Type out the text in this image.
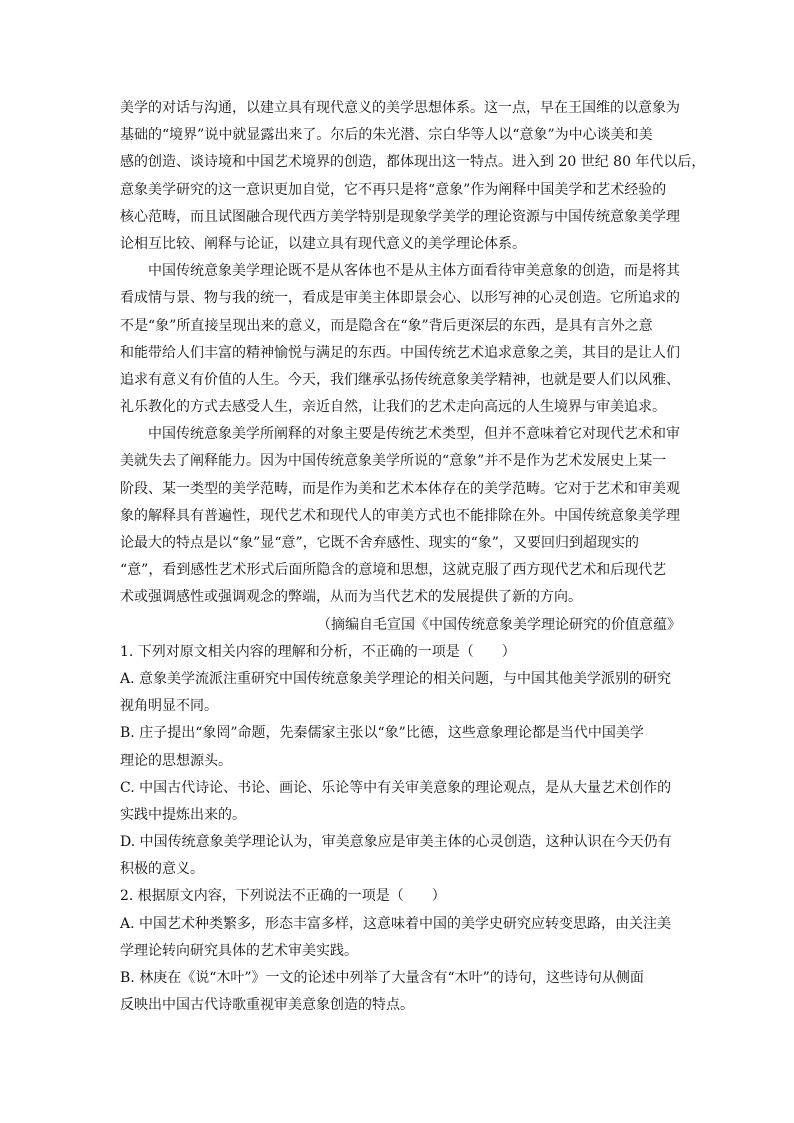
美学的对话与沟通，以建立具有现代意义的美学思想体系。这一点，早在王国维的以意象为
基础的“境界”说中就显露出来了。尔后的朱光潜、宗白华等人以“意象”为中心谈美和美
感的创造、谈诗境和中国艺术境界的创造，都体现出这一特点。进入到 20 世纪 80 年代以后，
意象美学研究的这一意识更加自觉，它不再只是将“意象”作为阐释中国美学和艺术经验的
核心范畴，而且试图融合现代西方美学特别是现象学美学的理论资源与中国传统意象美学理
论相互比较、阐释与论证，以建立具有现代意义的美学理论体系。
中国传统意象美学理论既不是从客体也不是从主体方面看待审美意象的创造，而是将其
看成情与景、物与我的统一，看成是审美主体即景会心、以形写神的心灵创造。它所追求的
不是“象”所直接呈现出来的意义，而是隐含在“象”背后更深层的东西，是具有言外之意
和能带给人们丰富的精神愉悦与满足的东西。中国传统艺术追求意象之美，其目的是让人们
追求有意义有价值的人生。今天，我们继承弘扬传统意象美学精神，也就是要人们以风雅、
礼乐教化的方式去感受人生，亲近自然，让我们的艺术走向高远的人生境界与审美追求。
中国传统意象美学所阐释的对象主要是传统艺术类型，但并不意味着它对现代艺术和审
美就失去了阐释能力。因为中国传统意象美学所说的“意象”并不是作为艺术发展史上某一
阶段、某一类型的美学范畴，而是作为美和艺术本体存在的美学范畴。它对于艺术和审美观
象的解释具有普遍性，现代艺术和现代人的审美方式也不能排除在外。中国传统意象美学理
论最大的特点是以“象”显“意”，它既不舍弃感性、现实的“象”，又要回归到超现实的
“意”，看到感性艺术形式后面所隐含的意境和思想，这就克服了西方现代艺术和后现代艺
术或强调感性或强调观念的弊端，从而为当代艺术的发展提供了新的方向。
（摘编自毛宣国《中国传统意象美学理论研究的价值意蕴》
1. 下列对原文相关内容的理解和分析，不正确的一项是（　　）
A. 意象美学流派注重研究中国传统意象美学理论的相关问题，与中国其他美学派别的研究
视角明显不同。
B. 庄子提出“象罔”命题，先秦儒家主张以“象”比德，这些意象理论都是当代中国美学
理论的思想源头。
C. 中国古代诗论、书论、画论、乐论等中有关审美意象的理论观点，是从大量艺术创作的
实践中提炼出来的。
D. 中国传统意象美学理论认为，审美意象应是审美主体的心灵创造，这种认识在今天仍有
积极的意义。
2. 根据原文内容，下列说法不正确的一项是（　　）
A. 中国艺术种类繁多，形态丰富多样，这意味着中国的美学史研究应转变思路，由关注美
学理论转向研究具体的艺术审美实践。
B. 林庚在《说“木叶”》一文的论述中列举了大量含有“木叶”的诗句，这些诗句从侧面
反映出中国古代诗歌重视审美意象创造的特点。
